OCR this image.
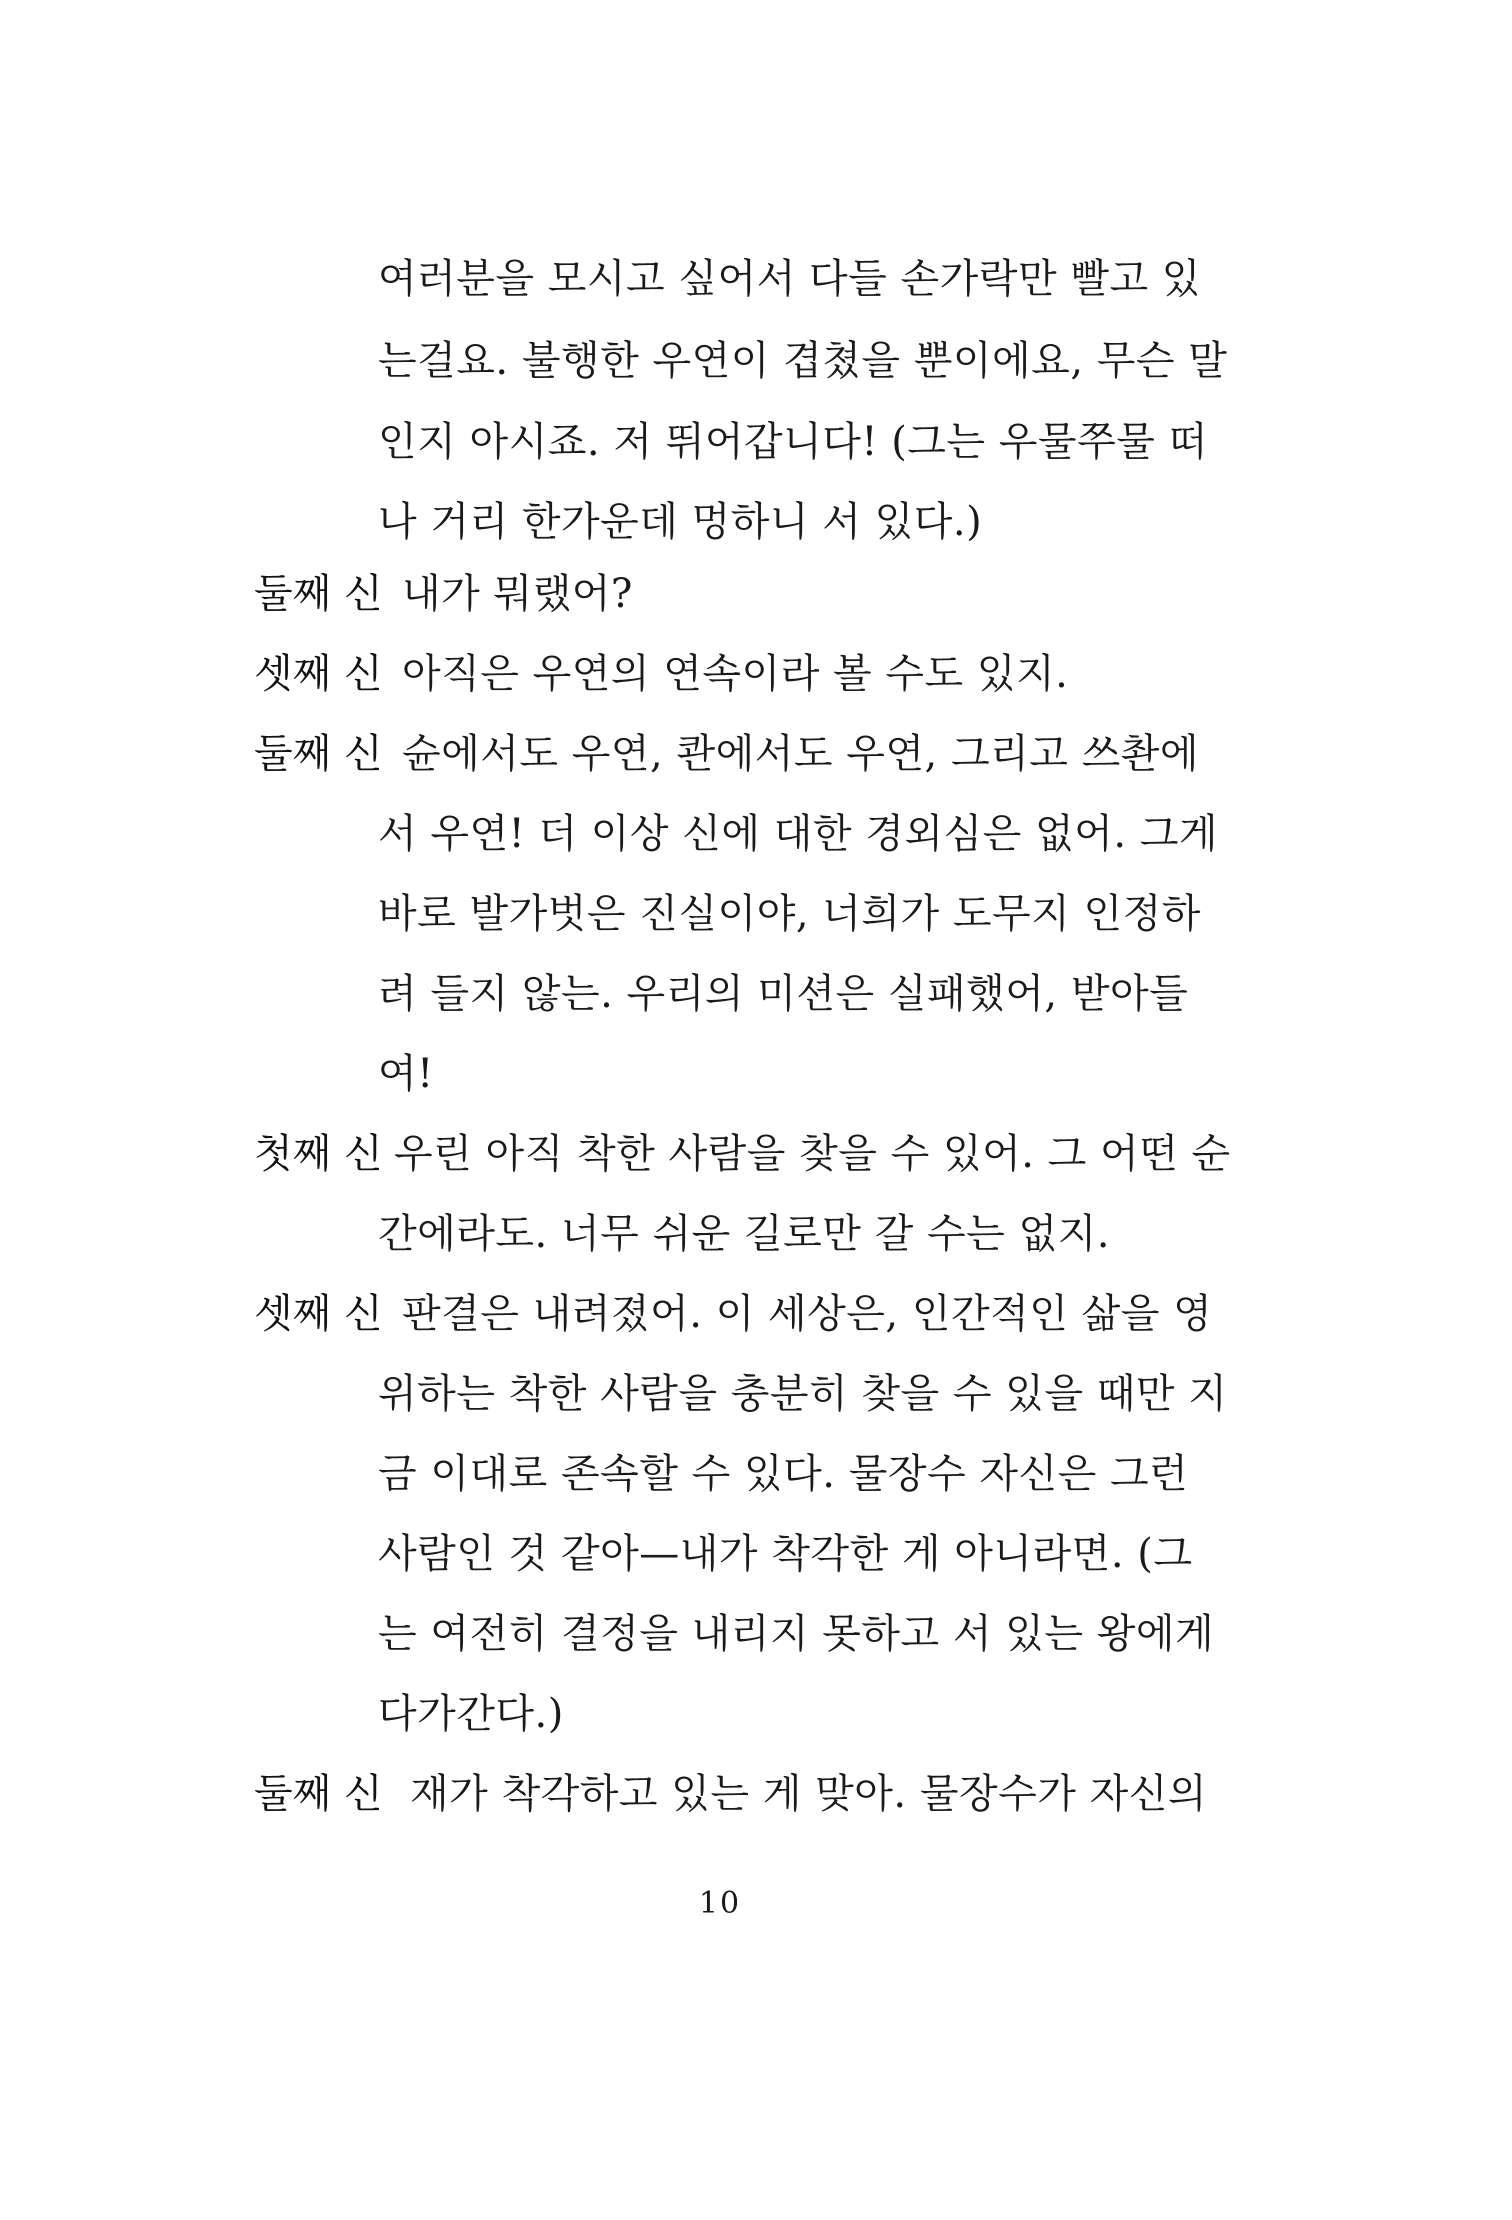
여러분을 모시고 싶어서 다들 손가락만 빨고 있
는걸요. 불행한 우연이 겹쳤을 뿐이에요, 무슨 말
인지 아시죠. 저 뛰어갑니다! (그는 우물쭈물 떠
나 거리 한가운데 멍하니 서 있다.)
둘째 신 내가 뭐랬어?
셋째 신 아직은 우연의 연속이라 볼 수도 있지.
둘째 신 슌에서도 우연, 콴에서도 우연, 그리고 쓰촨에
서 우연! 더 이상 신에 대한 경외심은 없어. 그게
바로 발가벗은 진실이야, 너희가 도무지 인정하
려 들지 않는. 우리의 미션은 실패했어, 받아들
여!
첫째 신 우린 아직 착한 사람을 찾을 수 있어. 그 어떤 순
간에라도. 너무 쉬운 길로만 갈 수는 없지.
셋째 신 판결은 내려졌어. 이 세상은, 인간적인 삶을 영
위하는 착한 사람을 충분히 찾을 수 있을 때만 지
금 이대로 존속할 수 있다. 물장수 자신은 그런
사람인 것 같아—내가 착각한 게 아니라면. (그
는 여전히 결정을 내리지 못하고 서 있는 왕에게
다가간다.)
둘째 신 재가 착각하고 있는 게 맞아. 물장수가 자신의
10
